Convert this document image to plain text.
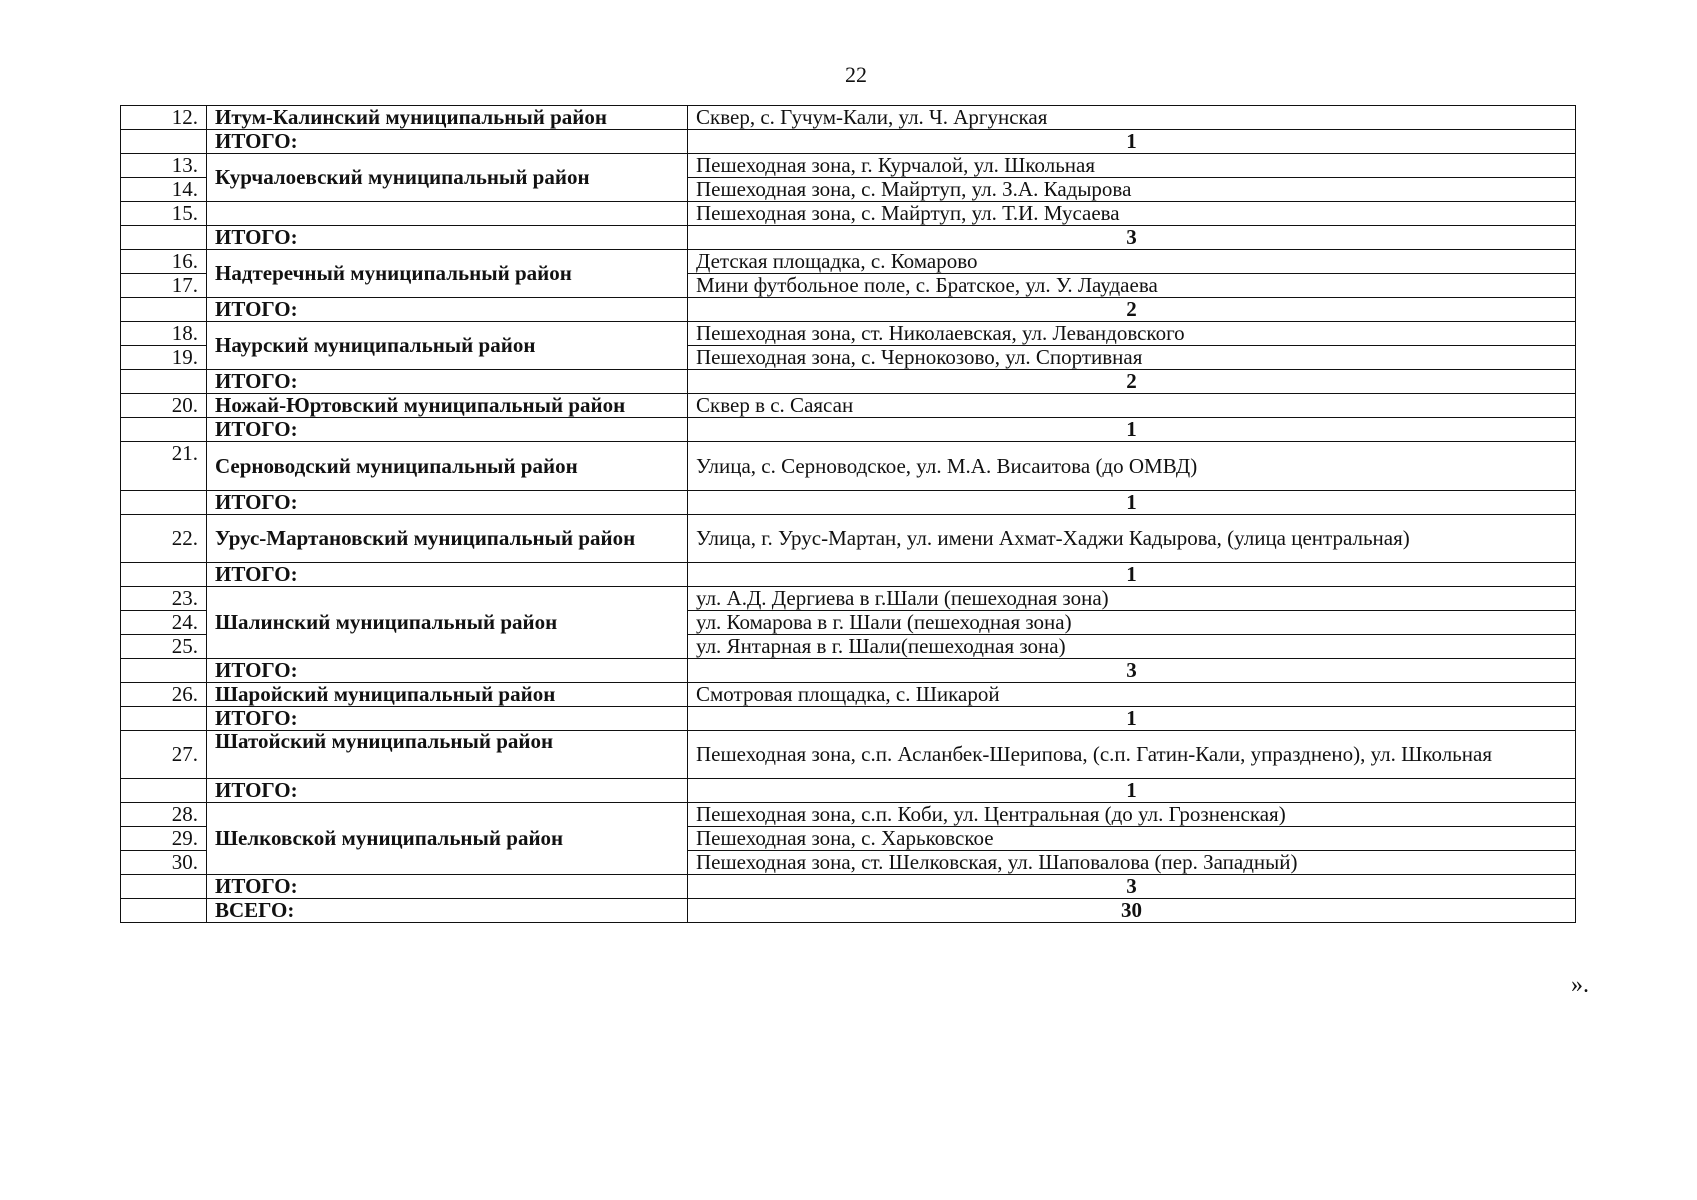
22
12.	Итум-Калинский муниципальный район	Сквер, с. Гучум-Кали, ул. Ч. Аргунская
	ИТОГО:	1
13.	Курчалоевский муниципальный район	Пешеходная зона, г. Курчалой, ул. Школьная
14.		Пешеходная зона, с. Майртуп, ул. З.А. Кадырова
15.		Пешеходная зона, с. Майртуп, ул. Т.И. Мусаева
	ИТОГО:	3
16.	Надтеречный муниципальный район	Детская площадка, с. Комарово
17.		Мини футбольное поле, с. Братское, ул. У. Лаудаева
	ИТОГО:	2
18.	Наурский муниципальный район	Пешеходная зона, ст. Николаевская, ул. Левандовского
19.		Пешеходная зона, с. Чернокозово, ул. Спортивная
	ИТОГО:	2
20.	Ножай-Юртовский муниципальный район	Сквер в с. Саясан
	ИТОГО:	1
21.	Серноводский муниципальный район	Улица, с. Серноводское, ул. М.А. Висаитова (до ОМВД)
	ИТОГО:	1
22.	Урус-Мартановский муниципальный район	Улица, г. Урус-Мартан, ул. имени Ахмат-Хаджи Кадырова, (улица центральная)
	ИТОГО:	1
23.	Шалинский муниципальный район	ул. А.Д. Дергиева в г.Шали (пешеходная зона)
24.		ул. Комарова в г. Шали (пешеходная зона)
25.		ул. Янтарная в г. Шали(пешеходная зона)
	ИТОГО:	3
26.	Шаройский муниципальный район	Смотровая площадка, с. Шикарой
	ИТОГО:	1
27.	Шатойский муниципальный район	Пешеходная зона, с.п. Асланбек-Шерипова, (с.п. Гатин-Кали, упразднено), ул. Школьная
	ИТОГО:	1
28.	Шелковской муниципальный район	Пешеходная зона, с.п. Коби, ул. Центральная (до ул. Грозненская)
29.		Пешеходная зона, с. Харьковское
30.		Пешеходная зона, ст. Шелковская, ул. Шаповалова (пер. Западный)
	ИТОГО:	3
	ВСЕГО:	30
».
